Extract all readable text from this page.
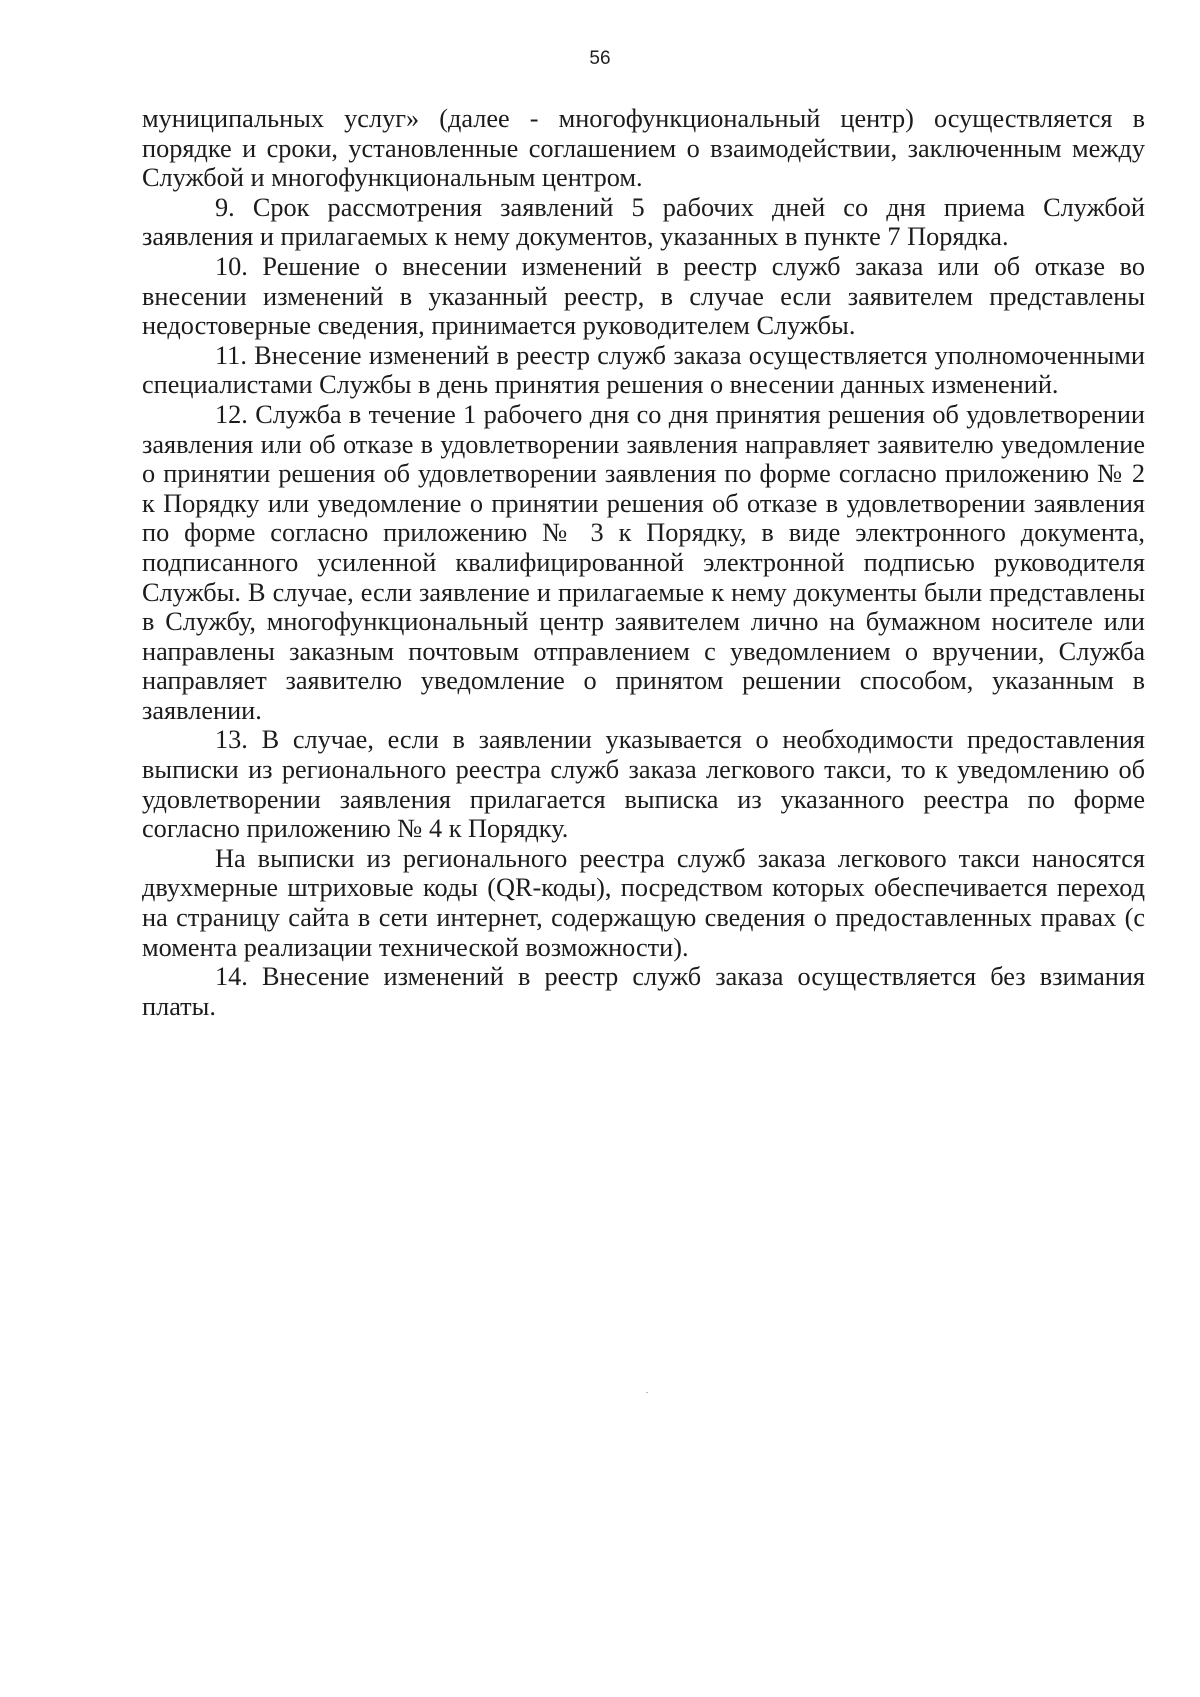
56

муниципальных услуг» (далее - многофункциональный центр) осуществляется в порядке и сроки, установленные соглашением о взаимодействии, заключенным между Службой и многофункциональным центром.

9. Срок рассмотрения заявлений 5 рабочих дней со дня приема Службой заявления и прилагаемых к нему документов, указанных в пункте 7 Порядка.

10. Решение о внесении изменений в реестр служб заказа или об отказе во внесении изменений в указанный реестр, в случае если заявителем представлены недостоверные сведения, принимается руководителем Службы.

11. Внесение изменений в реестр служб заказа осуществляется уполномоченными специалистами Службы в день принятия решения о внесении данных изменений.

12. Служба в течение 1 рабочего дня со дня принятия решения об удовлетворении заявления или об отказе в удовлетворении заявления направляет заявителю уведомление о принятии решения об удовлетворении заявления по форме согласно приложению № 2 к Порядку или уведомление о принятии решения об отказе в удовлетворении заявления по форме согласно приложению № 3 к Порядку, в виде электронного документа, подписанного усиленной квалифицированной электронной подписью руководителя Службы. В случае, если заявление и прилагаемые к нему документы были представлены в Службу, многофункциональный центр заявителем лично на бумажном носителе или направлены заказным почтовым отправлением с уведомлением о вручении, Служба направляет заявителю уведомление о принятом решении способом, указанным в заявлении.

13. В случае, если в заявлении указывается о необходимости предоставления выписки из регионального реестра служб заказа легкового такси, то к уведомлению об удовлетворении заявления прилагается выписка из указанного реестра по форме согласно приложению № 4 к Порядку.

На выписки из регионального реестра служб заказа легкового такси наносятся двухмерные штриховые коды (QR-коды), посредством которых обеспечивается переход на страницу сайта в сети интернет, содержащую сведения о предоставленных правах (с момента реализации технической возможности).

14. Внесение изменений в реестр служб заказа осуществляется без взимания платы.
